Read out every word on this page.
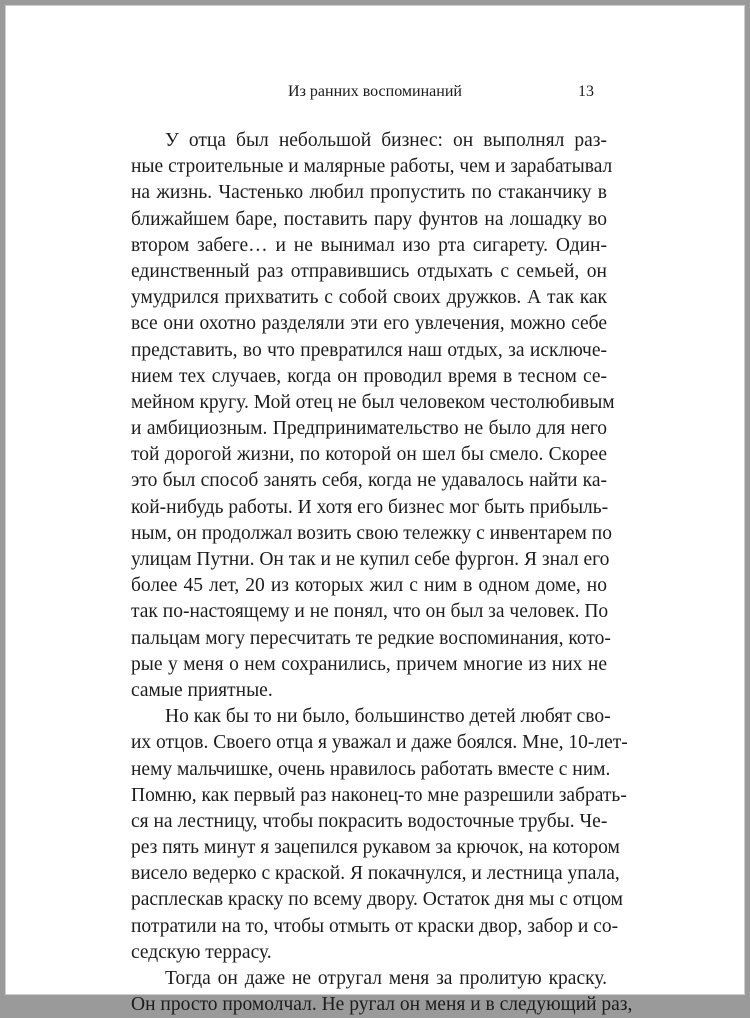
Из ранних воспоминаний	13
У отца был небольшой бизнес: он выполнял раз-
ные строительные и малярные работы, чем и зарабатывал
на жизнь. Частенько любил пропустить по стаканчику в
ближайшем баре, поставить пару фунтов на лошадку во
втором забеге… и не вынимал изо рта сигарету. Один-
единственный раз отправившись отдыхать с семьей, он
умудрился прихватить с собой своих дружков. А так как
все они охотно разделяли эти его увлечения, можно себе
представить, во что превратился наш отдых, за исключе-
нием тех случаев, когда он проводил время в тесном се-
мейном кругу. Мой отец не был человеком честолюбивым
и амбициозным. Предпринимательство не было для него
той дорогой жизни, по которой он шел бы смело. Скорее
это был способ занять себя, когда не удавалось найти ка-
кой-нибудь работы. И хотя его бизнес мог быть прибыль-
ным, он продолжал возить свою тележку с инвентарем по
улицам Путни. Он так и не купил себе фургон. Я знал его
более 45 лет, 20 из которых жил с ним в одном доме, но
так по-настоящему и не понял, что он был за человек. По
пальцам могу пересчитать те редкие воспоминания, кото-
рые у меня о нем сохранились, причем многие из них не
самые приятные.
Но как бы то ни было, большинство детей любят сво-
их отцов. Своего отца я уважал и даже боялся. Мне, 10-лет-
нему мальчишке, очень нравилось работать вместе с ним.
Помню, как первый раз наконец-то мне разрешили забрать-
ся на лестницу, чтобы покрасить водосточные трубы. Че-
рез пять минут я зацепился рукавом за крючок, на котором
висело ведерко с краской. Я покачнулся, и лестница упала,
расплескав краску по всему двору. Остаток дня мы с отцом
потратили на то, чтобы отмыть от краски двор, забор и со-
седскую террасу.
Тогда он даже не отругал меня за пролитую краску.
Он просто промолчал. Не ругал он меня и в следующий раз,
